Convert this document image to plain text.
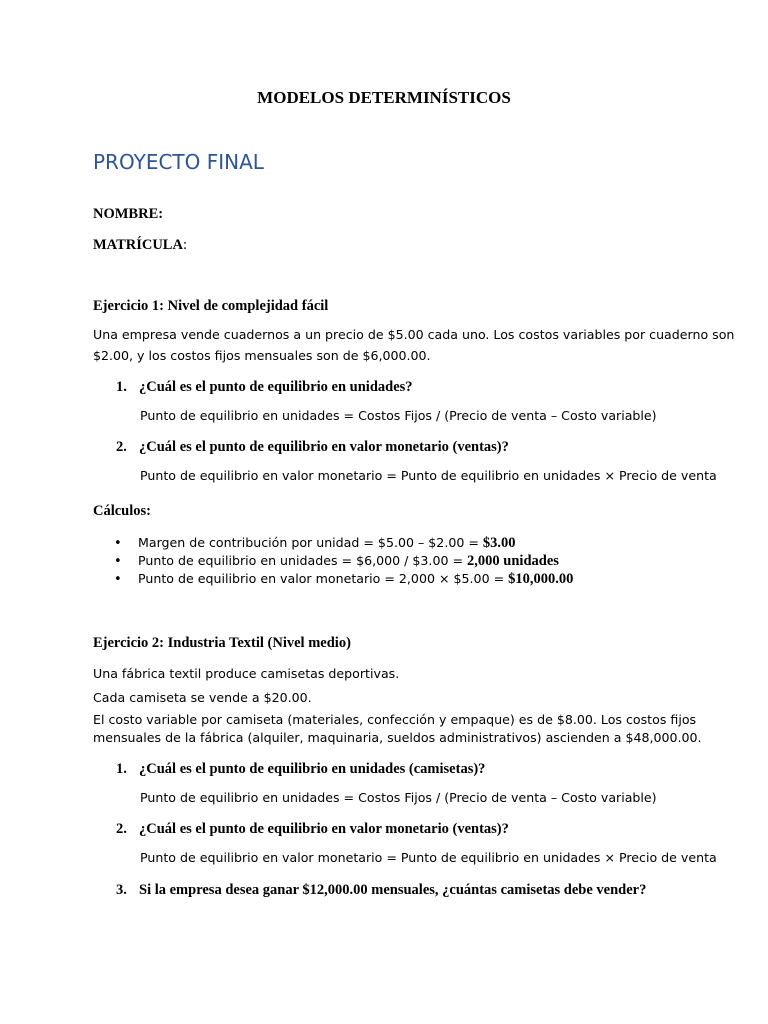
MODELOS DETERMINÍSTICOS
PROYECTO FINAL
NOMBRE:
MATRÍCULA:
Ejercicio 1: Nivel de complejidad fácil
Una empresa vende cuadernos a un precio de $5.00 cada uno. Los costos variables por cuaderno son
$2.00, y los costos fijos mensuales son de $6,000.00.
1. ¿Cuál es el punto de equilibrio en unidades?
Punto de equilibrio en unidades = Costos Fijos / (Precio de venta – Costo variable)
2. ¿Cuál es el punto de equilibrio en valor monetario (ventas)?
Punto de equilibrio en valor monetario = Punto de equilibrio en unidades × Precio de venta
Cálculos:
• Margen de contribución por unidad = $5.00 – $2.00 = $3.00
• Punto de equilibrio en unidades = $6,000 / $3.00 = 2,000 unidades
• Punto de equilibrio en valor monetario = 2,000 × $5.00 = $10,000.00
Ejercicio 2: Industria Textil (Nivel medio)
Una fábrica textil produce camisetas deportivas.
Cada camiseta se vende a $20.00.
El costo variable por camiseta (materiales, confección y empaque) es de $8.00. Los costos fijos
mensuales de la fábrica (alquiler, maquinaria, sueldos administrativos) ascienden a $48,000.00.
1. ¿Cuál es el punto de equilibrio en unidades (camisetas)?
Punto de equilibrio en unidades = Costos Fijos / (Precio de venta – Costo variable)
2. ¿Cuál es el punto de equilibrio en valor monetario (ventas)?
Punto de equilibrio en valor monetario = Punto de equilibrio en unidades × Precio de venta
3. Si la empresa desea ganar $12,000.00 mensuales, ¿cuántas camisetas debe vender?
